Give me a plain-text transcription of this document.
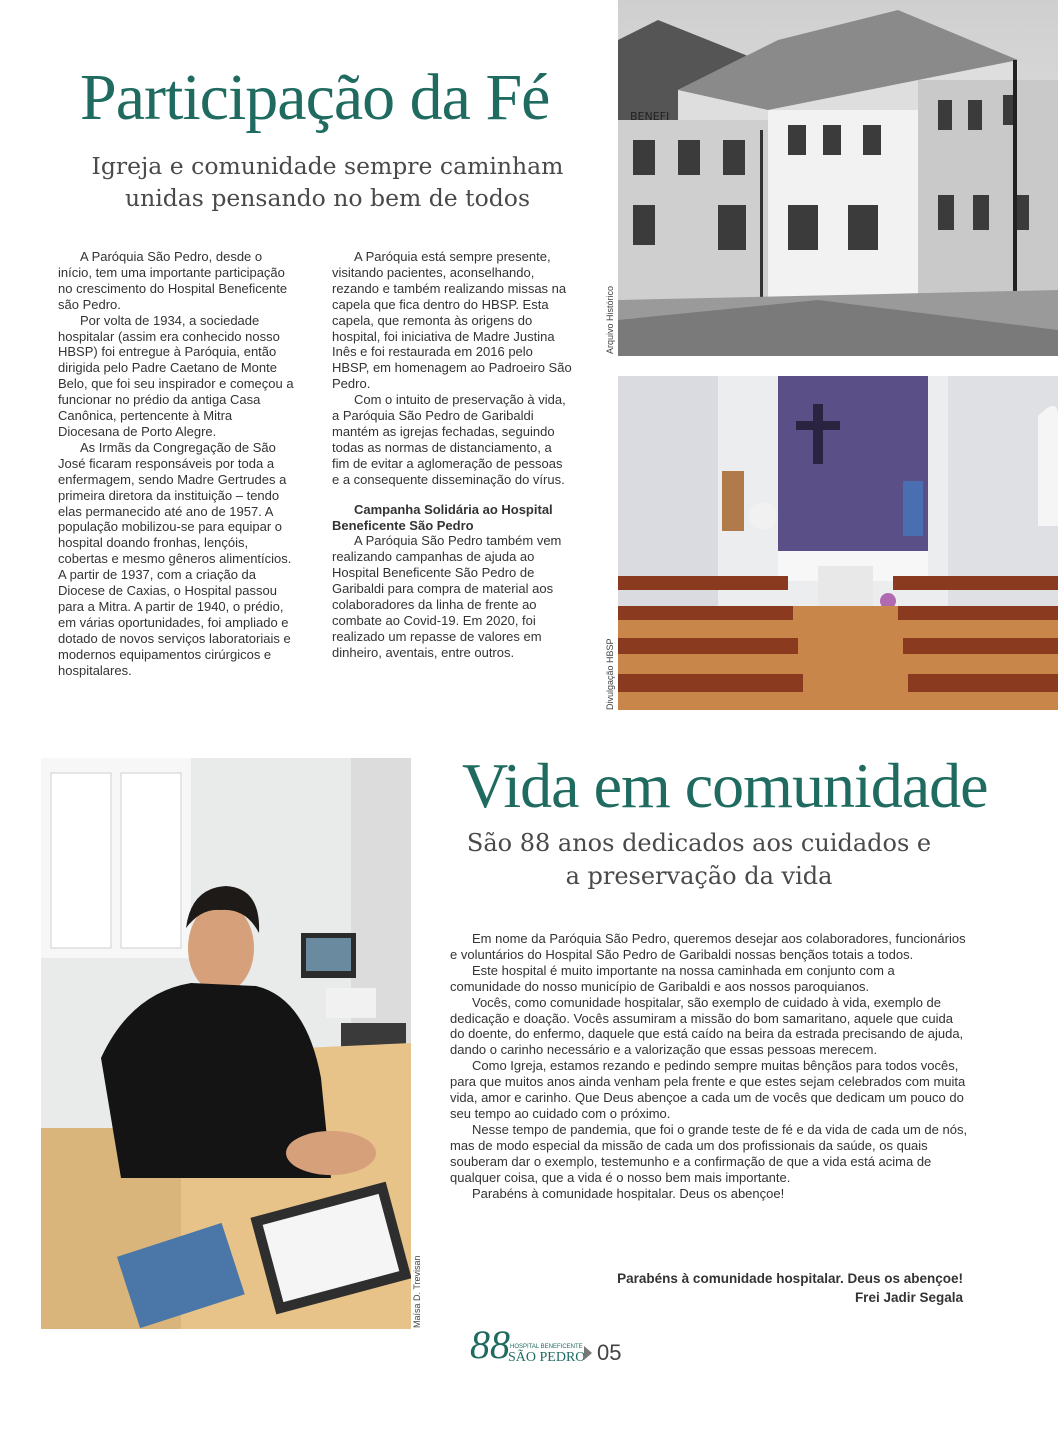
Participação da Fé
Igreja e comunidade sempre caminham
unidas pensando no bem de todos

A Paróquia São Pedro, desde o início, tem uma importante participação no crescimento do Hospital Beneficente são Pedro.

Por volta de 1934, a sociedade hospitalar (assim era conhecido nosso HBSP) foi entregue à Paróquia, então dirigida pelo Padre Caetano de Monte Belo, que foi seu inspirador e começou a funcionar no prédio da antiga Casa Canônica, pertencente à Mitra Diocesana de Porto Alegre.

As Irmãs da Congregação de São José ficaram responsáveis por toda a enfermagem, sendo Madre Gertrudes a primeira diretora da instituição – tendo elas permanecido até ano de 1957. A população mobilizou-se para equipar o hospital doando fronhas, lençóis, cobertas e mesmo gêneros alimentícios. A partir de 1937, com a criação da Diocese de Caxias, o Hospital passou para a Mitra. A partir de 1940, o prédio, em várias oportunidades, foi ampliado e dotado de novos serviços laboratoriais e modernos equipamentos cirúrgicos e hospitalares.

A Paróquia está sempre presente, visitando pacientes, aconselhando, rezando e também realizando missas na capela que fica dentro do HBSP. Esta capela, que remonta às origens do hospital, foi iniciativa de Madre Justina Inês e foi restaurada em 2016 pelo HBSP, em homenagem ao Padroeiro São Pedro.

Com o intuito de preservação à vida, a Paróquia São Pedro de Garibaldi mantém as igrejas fechadas, seguindo todas as normas de distanciamento, a fim de evitar a aglomeração de pessoas e a consequente disseminação do vírus.

Campanha Solidária ao Hospital Beneficente São Pedro

A Paróquia São Pedro também vem realizando campanhas de ajuda ao Hospital Beneficente São Pedro de Garibaldi para compra de material aos colaboradores da linha de frente ao combate ao Covid-19. Em 2020, foi realizado um repasse de valores em dinheiro, aventais, entre outros.

BENEFI
Arquivo Histórico
Divulgação HBSP
Maísa D. Trevisan
Vida em comunidade
São 88 anos dedicados aos cuidados e
a preservação da vida

Em nome da Paróquia São Pedro, queremos desejar aos colaboradores, funcionários e voluntários do Hospital São Pedro de Garibaldi nossas bençãos totais a todos.

Este hospital é muito importante na nossa caminhada em conjunto com a comunidade do nosso município de Garibaldi e aos nossos paroquianos.

Vocês, como comunidade hospitalar, são exemplo de cuidado à vida, exemplo de dedicação e doação. Vocês assumiram a missão do bom samaritano, aquele que cuida do doente, do enfermo, daquele que está caído na beira da estrada precisando de ajuda, dando o carinho necessário e a valorização que essas pessoas merecem.

Como Igreja, estamos rezando e pedindo sempre muitas bênçãos para todos vocês, para que muitos anos ainda venham pela frente e que estes sejam celebrados com muita vida, amor e carinho. Que Deus abençoe a cada um de vocês que dedicam um pouco do seu tempo ao cuidado com o próximo.

Nesse tempo de pandemia, que foi o grande teste de fé e da vida de cada um de nós, mas de modo especial da missão de cada um dos profissionais da saúde, os quais souberam dar o exemplo, testemunho e a confirmação de que a vida está acima de qualquer coisa, que a vida é o nosso bem mais importante.

Parabéns à comunidade hospitalar. Deus os abençoe!

Parabéns à comunidade hospitalar. Deus os abençoe!
Frei Jadir Segala
88 HOSPITAL BENEFICENTE
SÃO PEDRO 05
